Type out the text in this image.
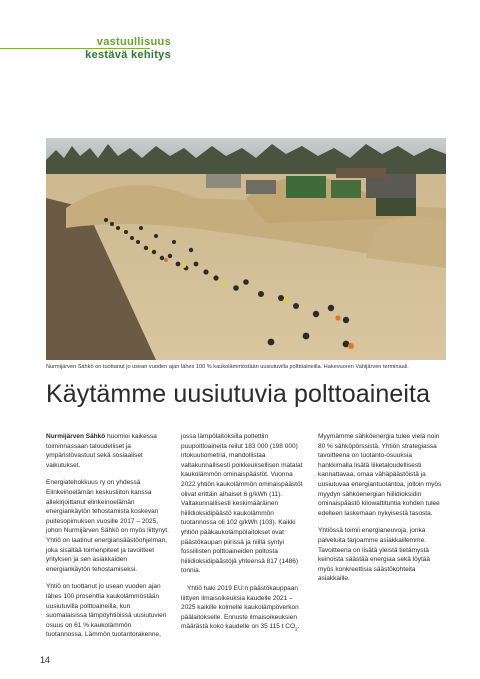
vastuullisuus
kestävä kehitys
Nurmijärven Sähkö on tuottanut jo usean vuoden ajan lähes 100 % kaukolämmöstään uusiutuvilla polttoaineilla. Hakevuoren Vahijärven terminaali.
Käytämme uusiutuvia polttoaineita

Nurmijärven Sähkö huomioi kaikessa toiminnassaan taloudelliset ja ympäristövastuut sekä sosiaaliset vaikutukset.

Energiatehokkuus ry on yhdessä Elinkeinoelämän keskusliiton kanssa allekirjoittanut elinkeinoelämän energiankäytön tehostamista koskevan puitesopimuksen vuosille 2017 – 2025, johon Nurmijärven Sähkö on myös liittynyt. Yhtiö on laatinut energiansäästöohjelman, joka sisältää toimenpiteet ja tavoitteet yrityksen ja sen asiakkaiden energiankäytön tehostamiseksi.

Yhtiö on tuottanut jo usean vuoden ajan lähes 100 prosenttia kaukolämmöstään uusiutuvilla polttoaineilla, kun suomalaisissa lämpöyhtiöissä uusiutuvien osuus on 61 % kaukolämmön tuotannossa. Lämmön tuotantorakenne,

jossa lämpölaitoksilla poltettiin puupolttoaineita reilut 183 000 (198 000) irtokuutiometriä, mahdollistaa valtakunnallisesti poikkeuksellisen matalat kaukolämmön ominaispäästöt. Vuonna 2022 yhtiön kaukolämmön ominaispäästöt olivat erittäin alhaiset 6 g/kWh (11). Valtakunnallisesti keskimääräinen hiilidioksidipäästö kaukolämmön tuotannossa oli 102 g/kWh (103). Kaikki yhtiön pääkaukolämpölaitokset ovat päästökaupan piirissä ja niillä syntyi fossiilisten polttoaineiden poltosta hiilidioksidipäästöjä yhteensä 817 (1486) tonnia.

Yhtiö haki 2019 EU:n päästökauppaan liittyen ilmaisoikeuksia kaudelle 2021 – 2025 kaikille kolmelle kaukolämpöverkon päälaitokselle. Ennuste ilmaisoikeuksien määrästä koko kaudelle on 35 115 t $CO_2$.

Myymämme sähköenergia tulee vielä noin 80 % sähköpörssistä. Yhtiön strategiassa tavoitteena on tuotanto-osuuksia hankkimalla lisätä liiketaloudellisesti kannattavaa, omaa vähäpäästöistä ja uusiutuvaa energiantuotantoa, jolloin myös myydyn sähköenergian hiilidioksidin ominaispäästö kilowattituntia kohden tulee edelleen laskemaan nykyisestä tasosta.

Yhtiössä toimii energianeuvoja, jonka palveluita tarjoamme asiakkaillemme. Tavoitteena on lisätä yleistä tietämystä keinoista säästää energiaa sekä löytää myös konkreettisia säästökohteita asiakkaille.

14
